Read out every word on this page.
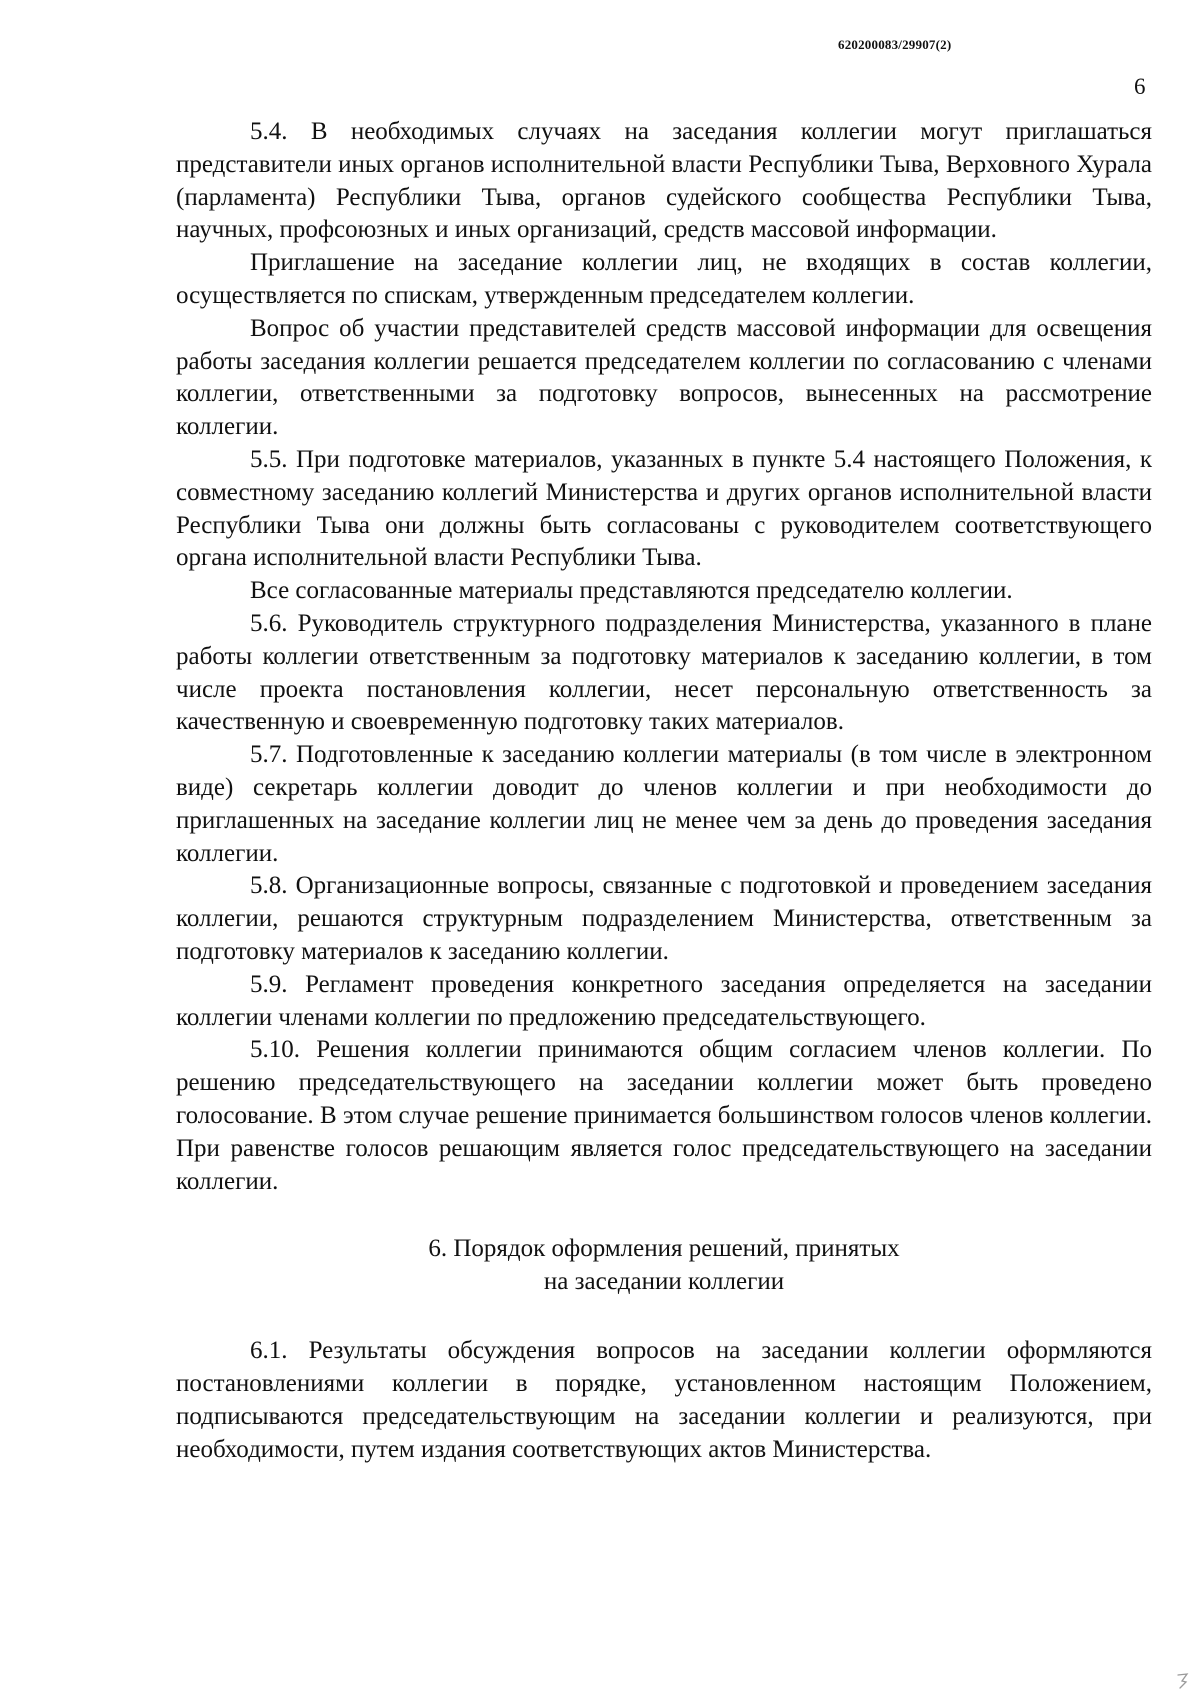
620200083/29907(2)
6

5.4. В необходимых случаях на заседания коллегии могут приглашаться представители иных органов исполнительной власти Республики Тыва, Верховного Хурала (парламента) Республики Тыва, органов судейского сообщества Республики Тыва, научных, профсоюзных и иных организаций, средств массовой информации.

Приглашение на заседание коллегии лиц, не входящих в состав коллегии, осуществляется по спискам, утвержденным председателем коллегии.

Вопрос об участии представителей средств массовой информации для освещения работы заседания коллегии решается председателем коллегии по согласованию с членами коллегии, ответственными за подготовку вопросов, вынесенных на рассмотрение коллегии.

5.5. При подготовке материалов, указанных в пункте 5.4 настоящего Положения, к совместному заседанию коллегий Министерства и других органов исполнительной власти Республики Тыва они должны быть согласованы с руководителем соответствующего органа исполнительной власти Республики Тыва.

Все согласованные материалы представляются председателю коллегии.

5.6. Руководитель структурного подразделения Министерства, указанного в плане работы коллегии ответственным за подготовку материалов к заседанию коллегии, в том числе проекта постановления коллегии, несет персональную ответственность за качественную и своевременную подготовку таких материалов.

5.7. Подготовленные к заседанию коллегии материалы (в том числе в электронном виде) секретарь коллегии доводит до членов коллегии и при необходимости до приглашенных на заседание коллегии лиц не менее чем за день до проведения заседания коллегии.

5.8. Организационные вопросы, связанные с подготовкой и проведением заседания коллегии, решаются структурным подразделением Министерства, ответственным за подготовку материалов к заседанию коллегии.

5.9. Регламент проведения конкретного заседания определяется на заседании коллегии членами коллегии по предложению председательствующего.

5.10. Решения коллегии принимаются общим согласием членов коллегии. По решению председательствующего на заседании коллегии может быть проведено голосование. В этом случае решение принимается большинством голосов членов коллегии. При равенстве голосов решающим является голос председательствующего на заседании коллегии.

6. Порядок оформления решений, принятых
на заседании коллегии

6.1. Результаты обсуждения вопросов на заседании коллегии оформляются постановлениями коллегии в порядке, установленном настоящим Положением, подписываются председательствующим на заседании коллегии и реализуются, при необходимости, путем издания соответствующих актов Министерства.
